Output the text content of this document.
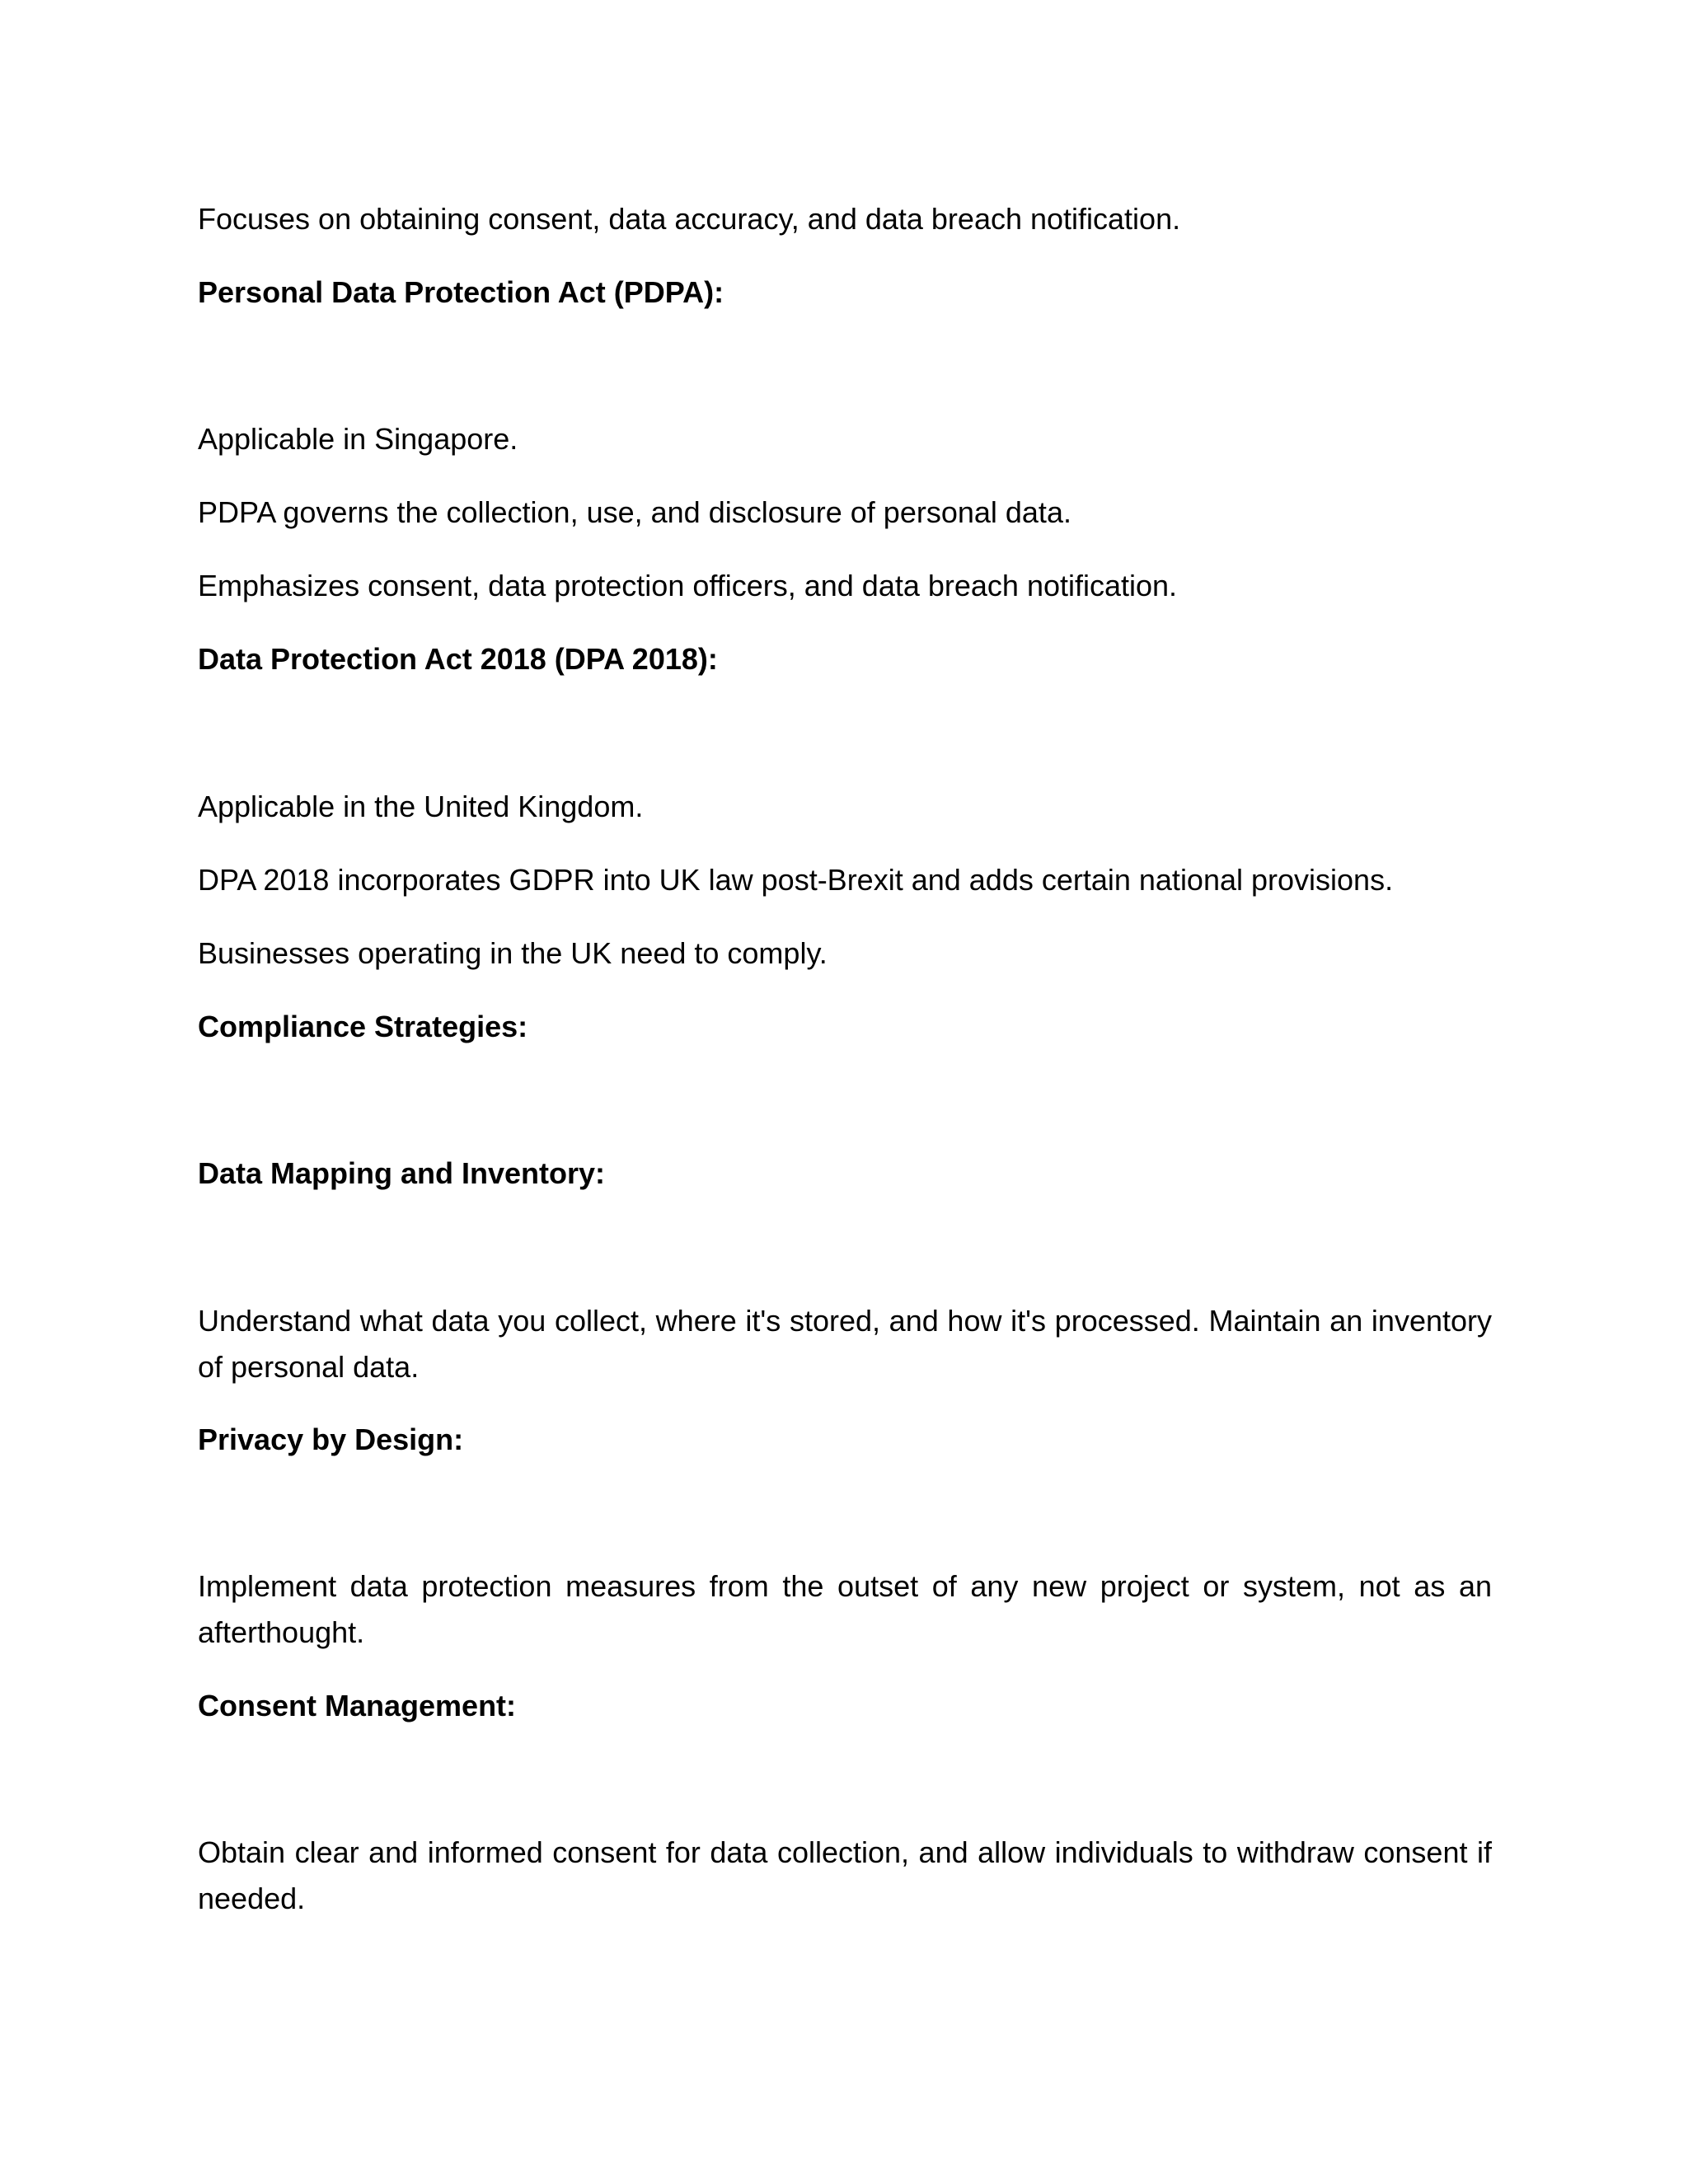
Focuses on obtaining consent, data accuracy, and data breach notification.

Personal Data Protection Act (PDPA):

Applicable in Singapore.

PDPA governs the collection, use, and disclosure of personal data.

Emphasizes consent, data protection officers, and data breach notification.

Data Protection Act 2018 (DPA 2018):

Applicable in the United Kingdom.

DPA 2018 incorporates GDPR into UK law post-Brexit and adds certain national provisions.

Businesses operating in the UK need to comply.

Compliance Strategies:

Data Mapping and Inventory:

Understand what data you collect, where it's stored, and how it's processed. Maintain an inventory of personal data.

Privacy by Design:

Implement data protection measures from the outset of any new project or system, not as an afterthought.

Consent Management:

Obtain clear and informed consent for data collection, and allow individuals to withdraw consent if needed.
